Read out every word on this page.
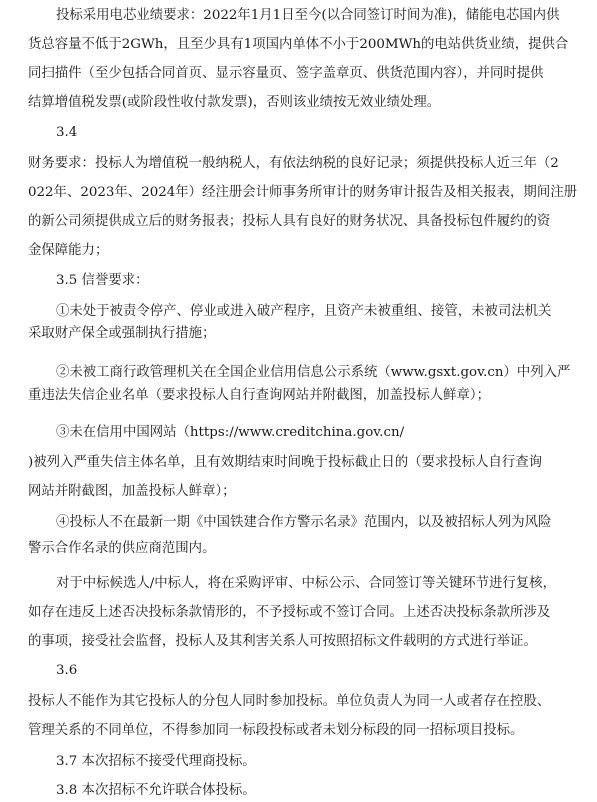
投标采用电芯业绩要求：2022年1月1日至今(以合同签订时间为准)，储能电芯国内供
货总容量不低于2GWh，且至少具有1项国内单体不小于200MWh的电站供货业绩，提供合
同扫描件（至少包括合同首页、显示容量页、签字盖章页、供货范围内容），并同时提供
结算增值税发票(或阶段性收付款发票)，否则该业绩按无效业绩处理。
3.4
财务要求：投标人为增值税一般纳税人，有依法纳税的良好记录；须提供投标人近三年（2
022年、2023年、2024年）经注册会计师事务所审计的财务审计报告及相关报表，期间注册
的新公司须提供成立后的财务报表；投标人具有良好的财务状况、具备投标包件履约的资
金保障能力；
3.5 信誉要求：
①未处于被责令停产、停业或进入破产程序，且资产未被重组、接管，未被司法机关
采取财产保全或强制执行措施；
②未被工商行政管理机关在全国企业信用信息公示系统（www.gsxt.gov.cn）中列入严
重违法失信企业名单（要求投标人自行查询网站并附截图，加盖投标人鲜章）；
③未在信用中国网站（https://www.creditchina.gov.cn/
)被列入严重失信主体名单，且有效期结束时间晚于投标截止日的（要求投标人自行查询
网站并附截图，加盖投标人鲜章）；
④投标人不在最新一期《中国铁建合作方警示名录》范围内，以及被招标人列为风险
警示合作名录的供应商范围内。
对于中标候选人/中标人，将在采购评审、中标公示、合同签订等关键环节进行复核，
如存在违反上述否决投标条款情形的，不予授标或不签订合同。上述否决投标条款所涉及
的事项，接受社会监督，投标人及其利害关系人可按照招标文件载明的方式进行举证。
3.6
投标人不能作为其它投标人的分包人同时参加投标。单位负责人为同一人或者存在控股、
管理关系的不同单位，不得参加同一标段投标或者未划分标段的同一招标项目投标。
3.7 本次招标不接受代理商投标。
3.8 本次招标不允许联合体投标。
